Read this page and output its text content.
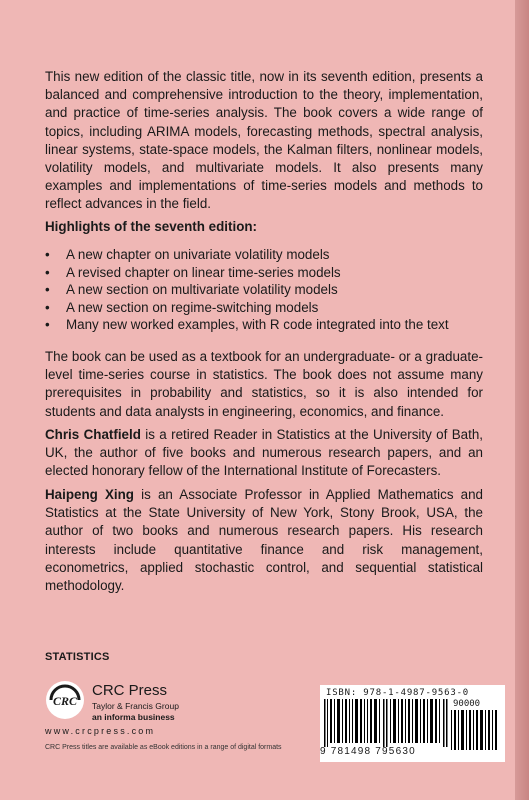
This new edition of the classic title, now in its seventh edition, presents a balanced and comprehensive introduction to the theory, implementation, and practice of time-series analysis. The book covers a wide range of topics, including ARIMA models, forecasting methods, spectral analysis, linear systems, state-space models, the Kalman filters, nonlinear models, volatility models, and multivariate models. It also presents many examples and implementations of time-series models and methods to reflect advances in the field.

Highlights of the seventh edition:

• A new chapter on univariate volatility models
• A revised chapter on linear time-series models
• A new section on multivariate volatility models
• A new section on regime-switching models
• Many new worked examples, with R code integrated into the text

The book can be used as a textbook for an undergraduate- or a graduate-level time-series course in statistics. The book does not assume many prerequisites in probability and statistics, so it is also intended for students and data analysts in engineering, economics, and finance.

Chris Chatfield is a retired Reader in Statistics at the University of Bath, UK, the author of five books and numerous research papers, and an elected honorary fellow of the International Institute of Forecasters.

Haipeng Xing is an Associate Professor in Applied Mathematics and Statistics at the State University of New York, Stony Brook, USA, the author of two books and numerous research papers. His research interests include quantitative finance and risk management, econometrics, applied stochastic control, and sequential statistical methodology.

STATISTICS
CRC
CRC Press
Taylor & Francis Group
an informa business
www.crcpress.com
CRC Press titles are available as eBook editions in a range of digital formats
ISBN: 978-1-4987-9563-0
90000
9 781498 795630
